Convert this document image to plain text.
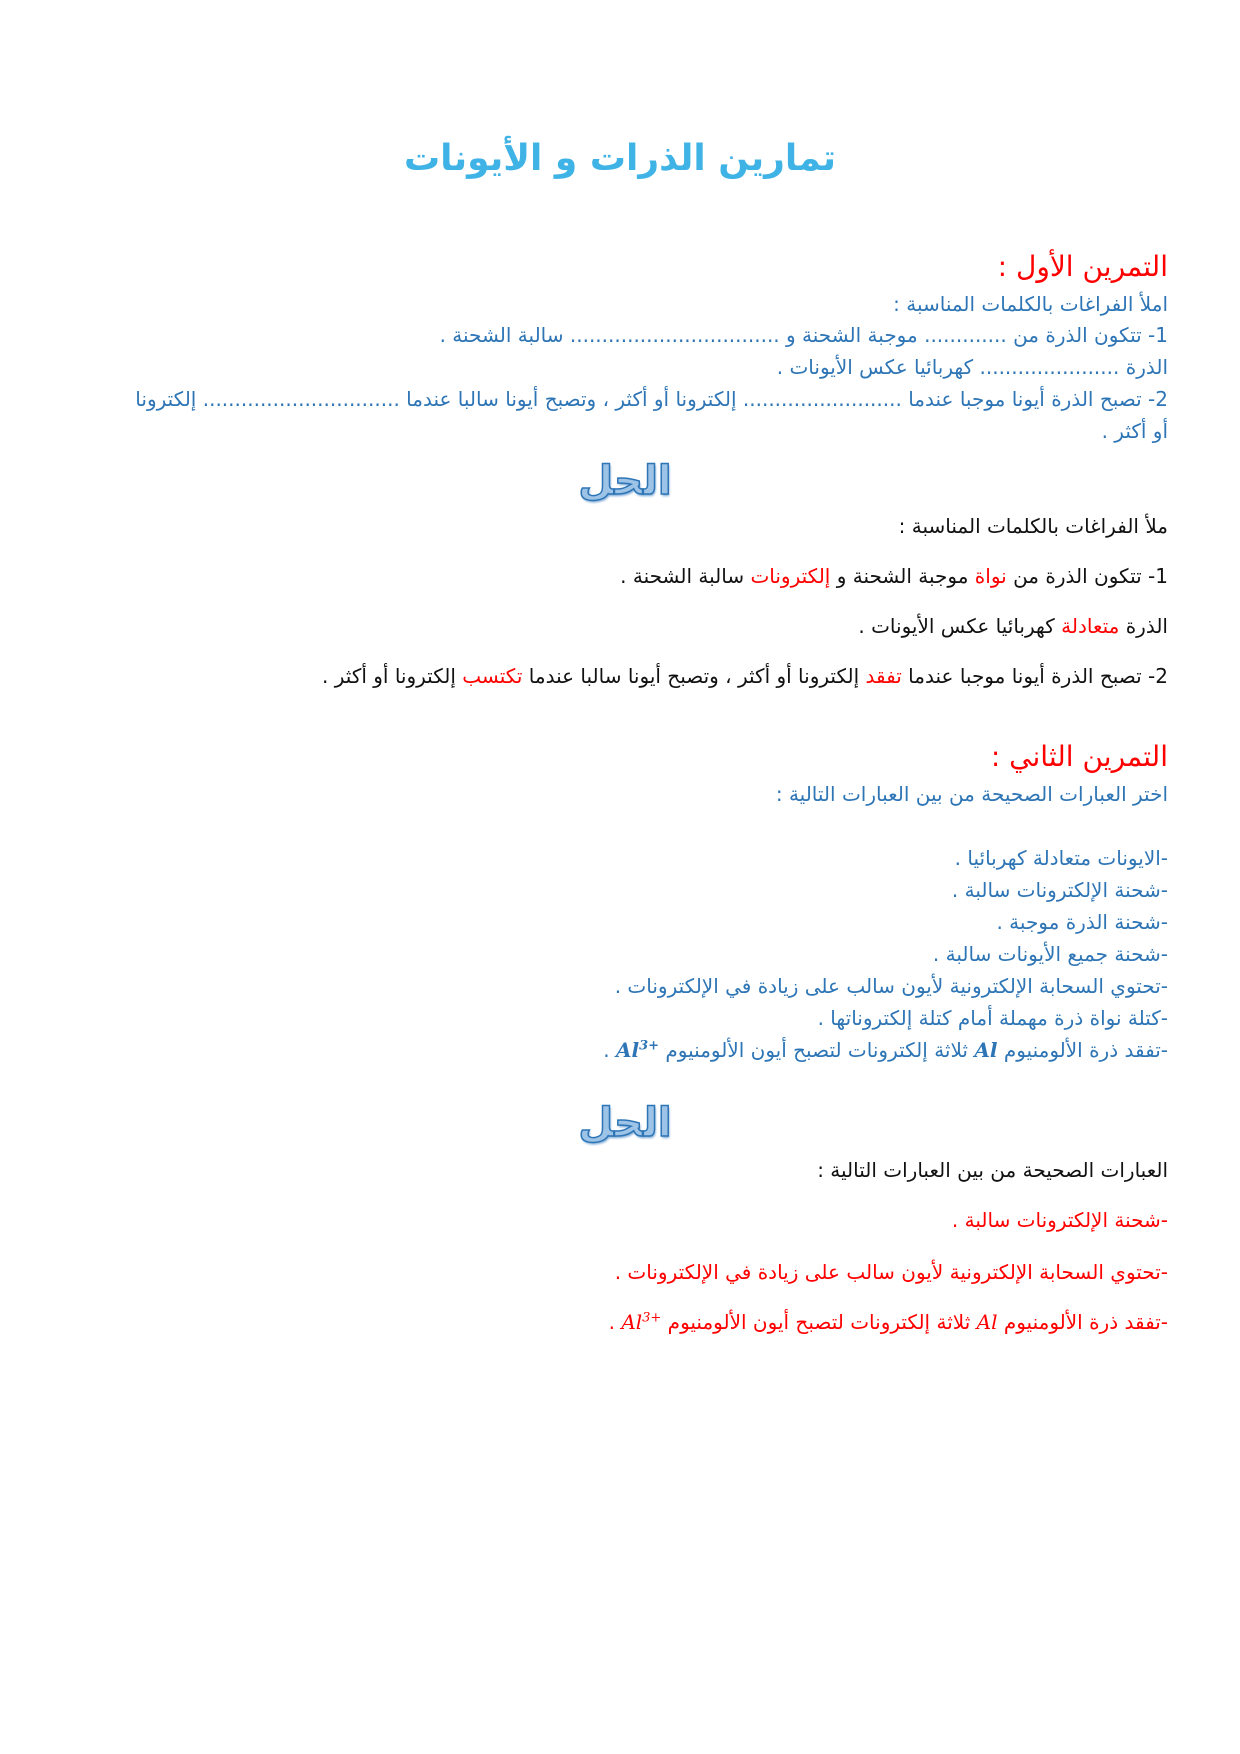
تمارين الذرات و الأيونات

التمرين الأول :

املأ الفراغات بالكلمات المناسبة :

1- تتكون الذرة من ............. موجبة الشحنة و ................................. سالبة الشحنة .

الذرة ...................... كهربائيا عكس الأيونات .

2- تصبح الذرة أيونا موجبا عندما ......................... إلكترونا أو أكثر ، وتصبح أيونا سالبا عندما ............................... إلكترونا

أو أكثر .

الحل

ملأ الفراغات بالكلمات المناسبة :

1- تتكون الذرة من نواة موجبة الشحنة و إلكترونات سالبة الشحنة .

الذرة متعادلة كهربائيا عكس الأيونات .

2- تصبح الذرة أيونا موجبا عندما تفقد إلكترونا أو أكثر ، وتصبح أيونا سالبا عندما تكتسب إلكترونا أو أكثر .

التمرين الثاني :

اختر العبارات الصحيحة من بين العبارات التالية :

-الايونات متعادلة كهربائيا .

-شحنة الإلكترونات سالبة .

-شحنة الذرة موجبة .

-شحنة جميع الأيونات سالبة .

-تحتوي السحابة الإلكترونية لأيون سالب على زيادة في الإلكترونات .

-كتلة نواة ذرة مهملة أمام كتلة إلكتروناتها .

-تفقد ذرة الألومنيوم Al ثلاثة إلكترونات لتصبح أيون الألومنيوم $Al^{3+}$ .

الحل

العبارات الصحيحة من بين العبارات التالية :

-شحنة الإلكترونات سالبة .

-تحتوي السحابة الإلكترونية لأيون سالب على زيادة في الإلكترونات .

-تفقد ذرة الألومنيوم Al ثلاثة إلكترونات لتصبح أيون الألومنيوم $Al^{3+}$ .
